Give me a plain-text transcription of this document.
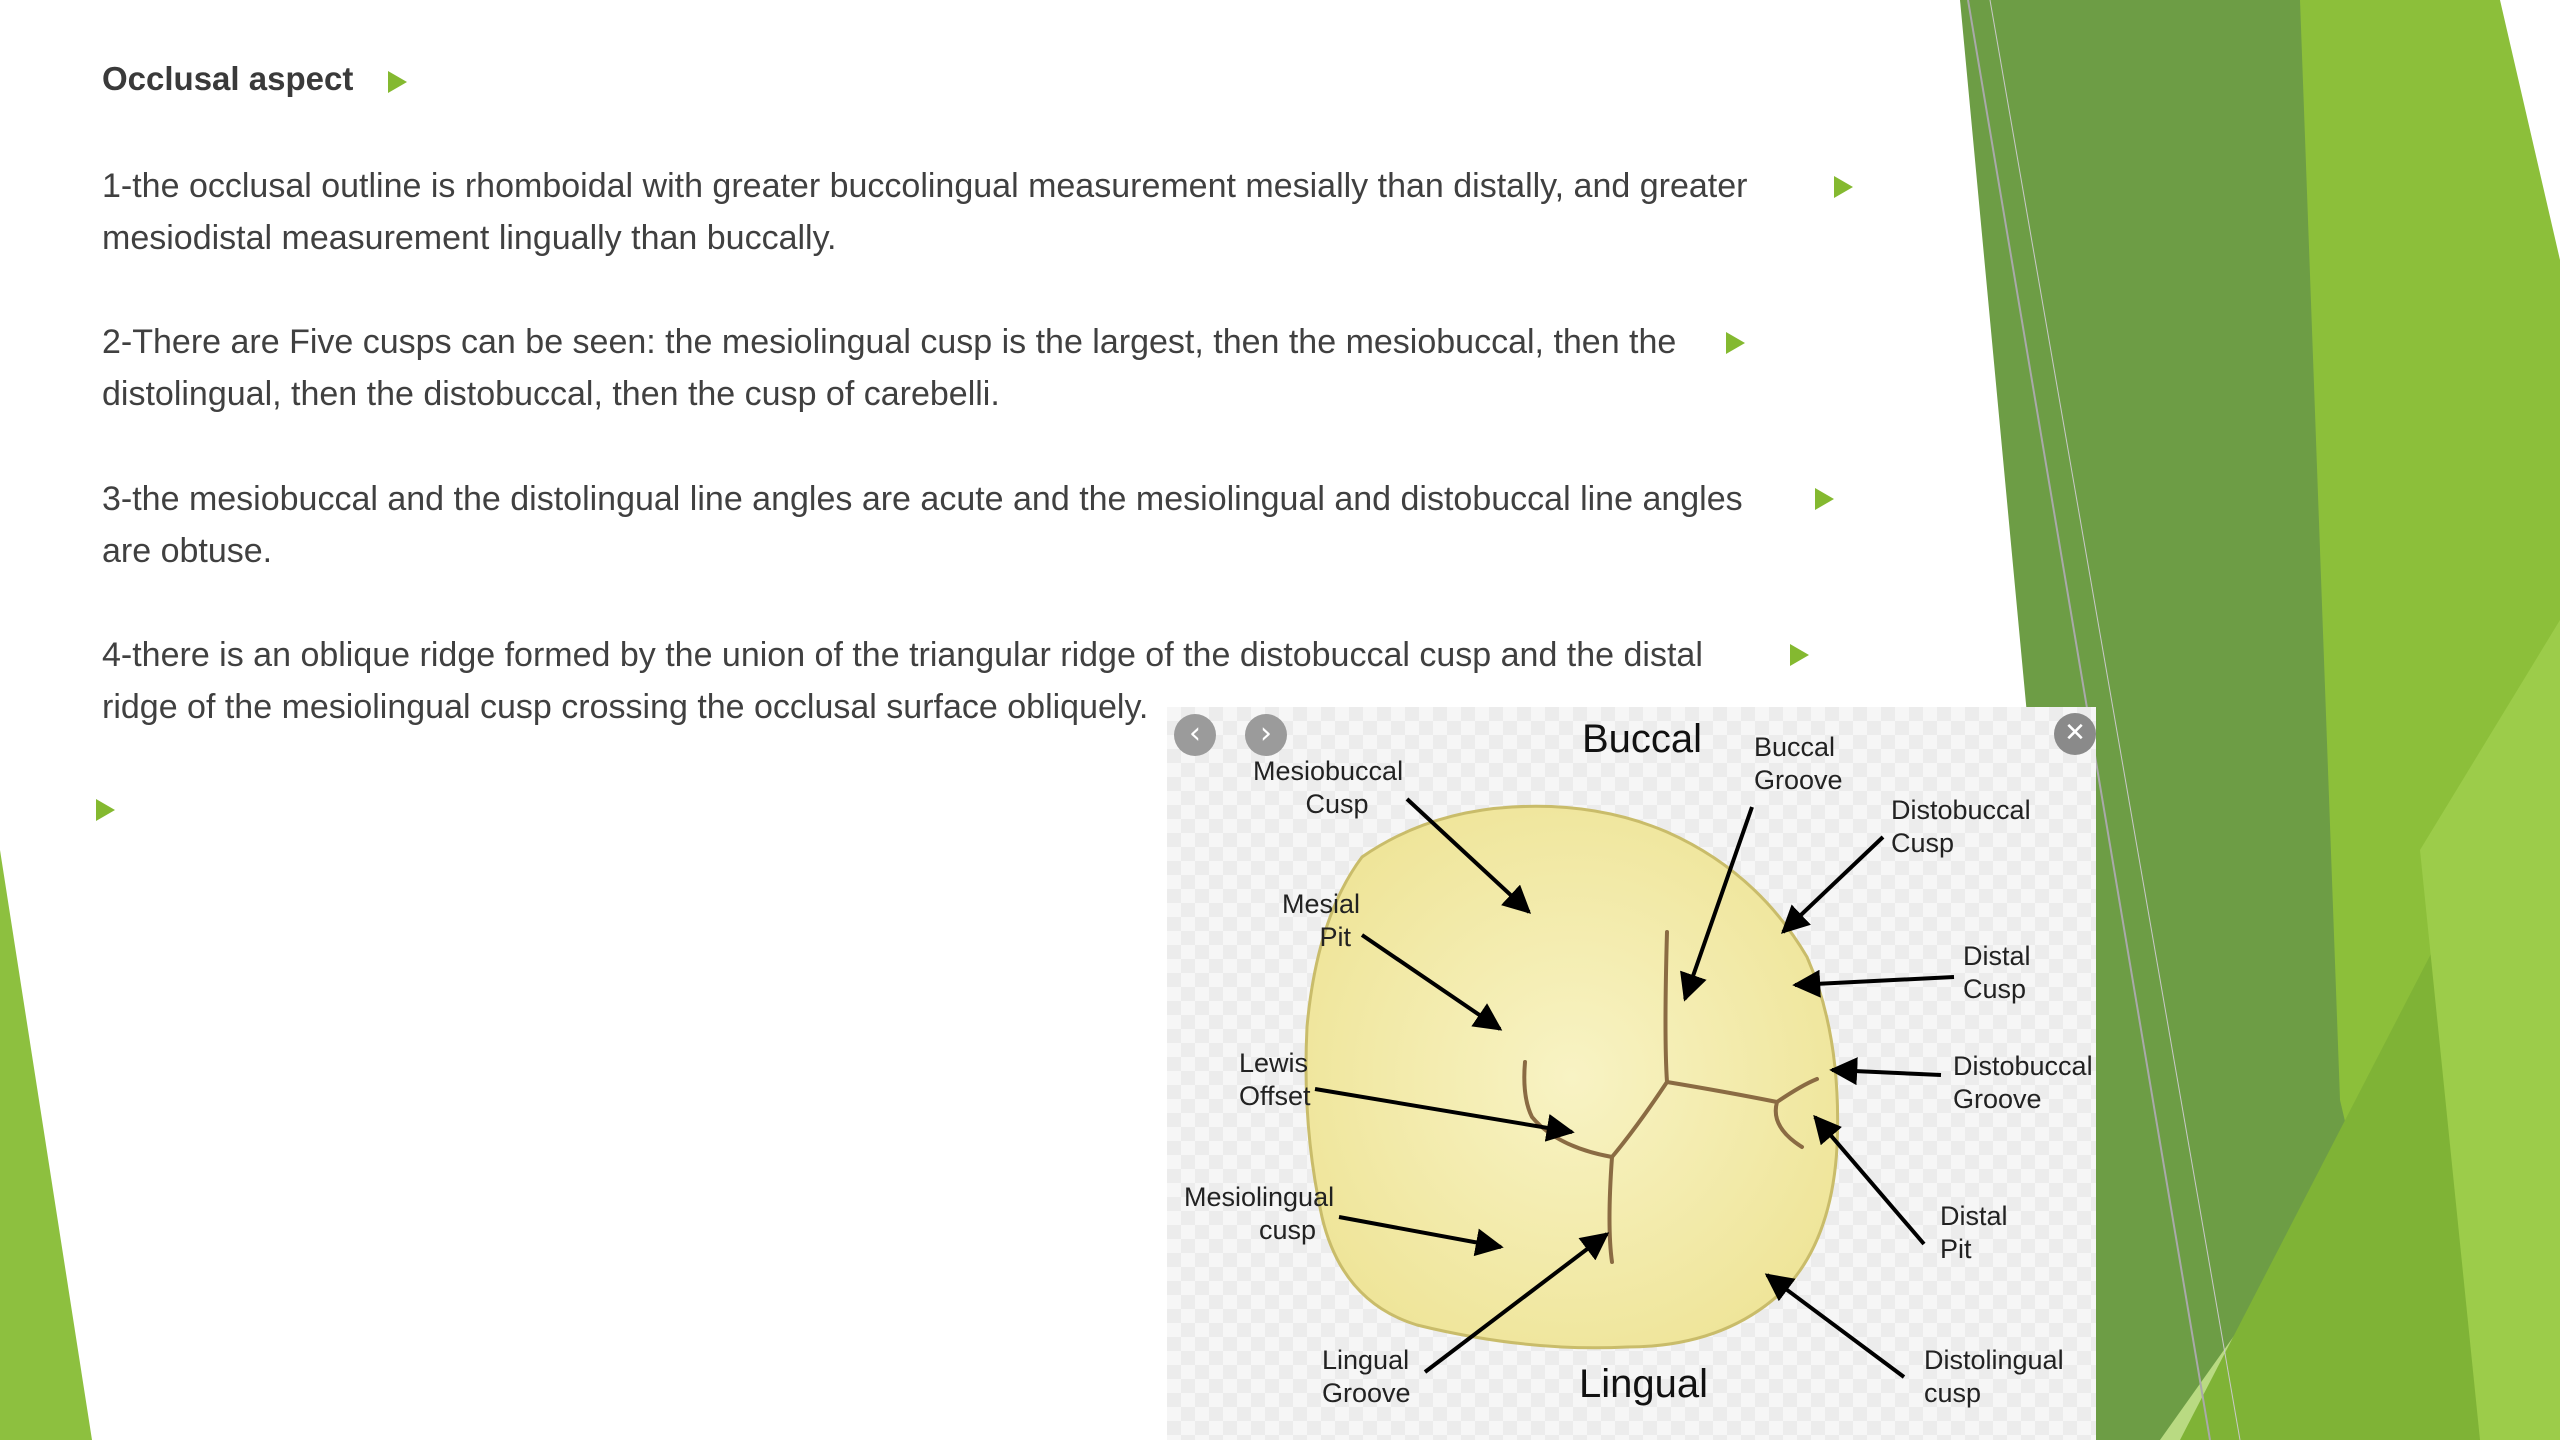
Occlusal aspect
1-the occlusal outline is rhomboidal with greater buccolingual measurement mesially than distally, and greater
mesiodistal measurement lingually than buccally.
2-There are Five cusps can be seen: the mesiolingual cusp is the largest, then the mesiobuccal, then the
distolingual, then the distobuccal, then the cusp of carebelli.
3-the mesiobuccal and the distolingual line angles are acute and the mesiolingual and distobuccal line angles
are obtuse.
4-there is an oblique ridge formed by the union of the triangular ridge of the distobuccal cusp and the distal
ridge of the mesiolingual cusp crossing the occlusal surface obliquely.
Buccal
Lingual
Mesiobuccal
Cusp
Buccal
Groove
Distobuccal
Cusp
Mesial
Pit
Distal
Cusp
Lewis
Offset
Distobuccal
Groove
Mesiolingual
cusp	Distal
Pit
Lingual
Groove
Distolingual
cusp
‹	›	✕
